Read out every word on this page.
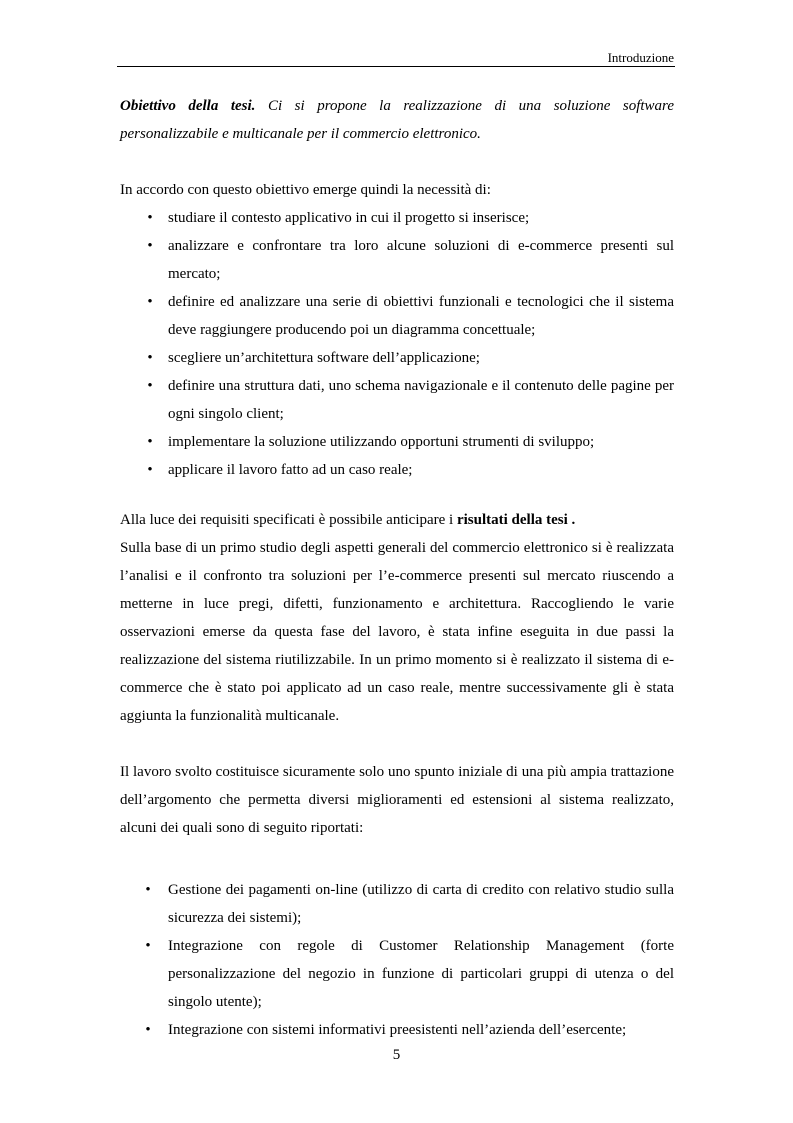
Introduzione

Obiettivo della tesi. Ci si propone la realizzazione di una soluzione software personalizzabile e multicanale per il commercio elettronico.

In accordo con questo obiettivo emerge quindi la necessità di:

• studiare il contesto applicativo in cui il progetto si inserisce;
• analizzare e confrontare tra loro alcune soluzioni di e-commerce presenti sul mercato;
• definire ed analizzare una serie di obiettivi funzionali e tecnologici che il sistema deve raggiungere producendo poi un diagramma concettuale;
• scegliere un’architettura software dell’applicazione;
• definire una struttura dati, uno schema navigazionale e il contenuto delle pagine per ogni singolo client;
• implementare la soluzione utilizzando opportuni strumenti di sviluppo;
• applicare il lavoro fatto ad un caso reale;

Alla luce dei requisiti specificati è possibile anticipare i risultati della tesi .

Sulla base di un primo studio degli aspetti generali del commercio elettronico si è realizzata l’analisi e il confronto tra soluzioni per l’e-commerce presenti sul mercato riuscendo a metterne in luce pregi, difetti, funzionamento e architettura. Raccogliendo le varie osservazioni emerse da questa fase del lavoro, è stata infine eseguita in due passi la realizzazione del sistema riutilizzabile. In un primo momento si è realizzato il sistema di e-commerce che è stato poi applicato ad un caso reale, mentre successivamente gli è stata aggiunta la funzionalità multicanale.

Il lavoro svolto costituisce sicuramente solo uno spunto iniziale di una più ampia trattazione dell’argomento che permetta diversi miglioramenti ed estensioni al sistema realizzato, alcuni dei quali sono di seguito riportati:

• Gestione dei pagamenti on-line (utilizzo di carta di credito con relativo studio sulla sicurezza dei sistemi);
• Integrazione con regole di Customer Relationship Management (forte personalizzazione del negozio in funzione di particolari gruppi di utenza o del singolo utente);
• Integrazione con sistemi informativi preesistenti nell’azienda dell’esercente;
5
